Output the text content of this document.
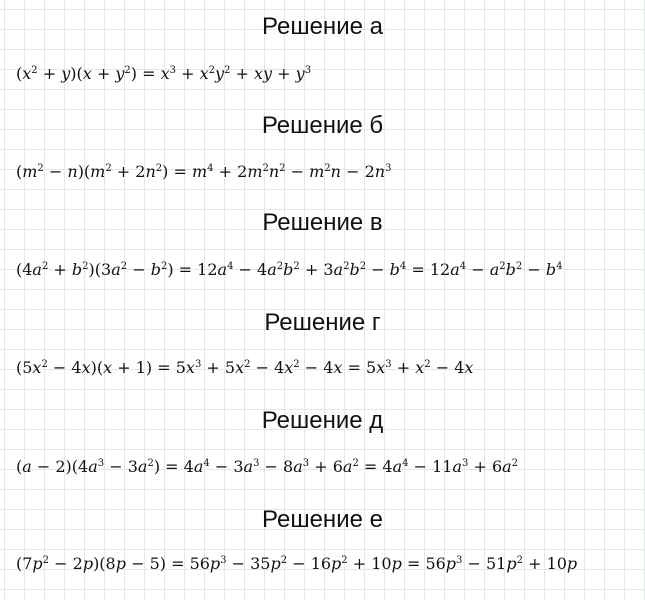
Решение а

$(x^2 + y)(x + y^2) = x^3 + x^2y^2$ + xy + $y^3$

Решение б

$(m^2 - n)(m^2 + 2n^2) = m^4 + 2m^2n^2 - m^2n - 2n^3$

Решение в

$(4a^2 + b^2)(3a^2 - b^2) = 12a^4 - 4a^2b^2 + 3a^2b^2 - b^4 = 12a^4 - a^2b^2 - b^4$

Решение г

$(5x^2 - 4x)(x + 1) = 5x^3 + 5x^2 - 4x^2 - 4x = 5x^3 + x^2 - 4x$

Решение д

$(a - 2)(4a^3 - 3a^2) = 4a^4 - 3a^3 - 8a^3 + 6a^2 = 4a^4 - 11a^3 + 6a^2$

Решение е

$(7p^2 - 2p)(8p - 5) = 56p^3 - 35p^2 - 16p^2 + 10p = 56p^3 - 51p^2 + 10p$
